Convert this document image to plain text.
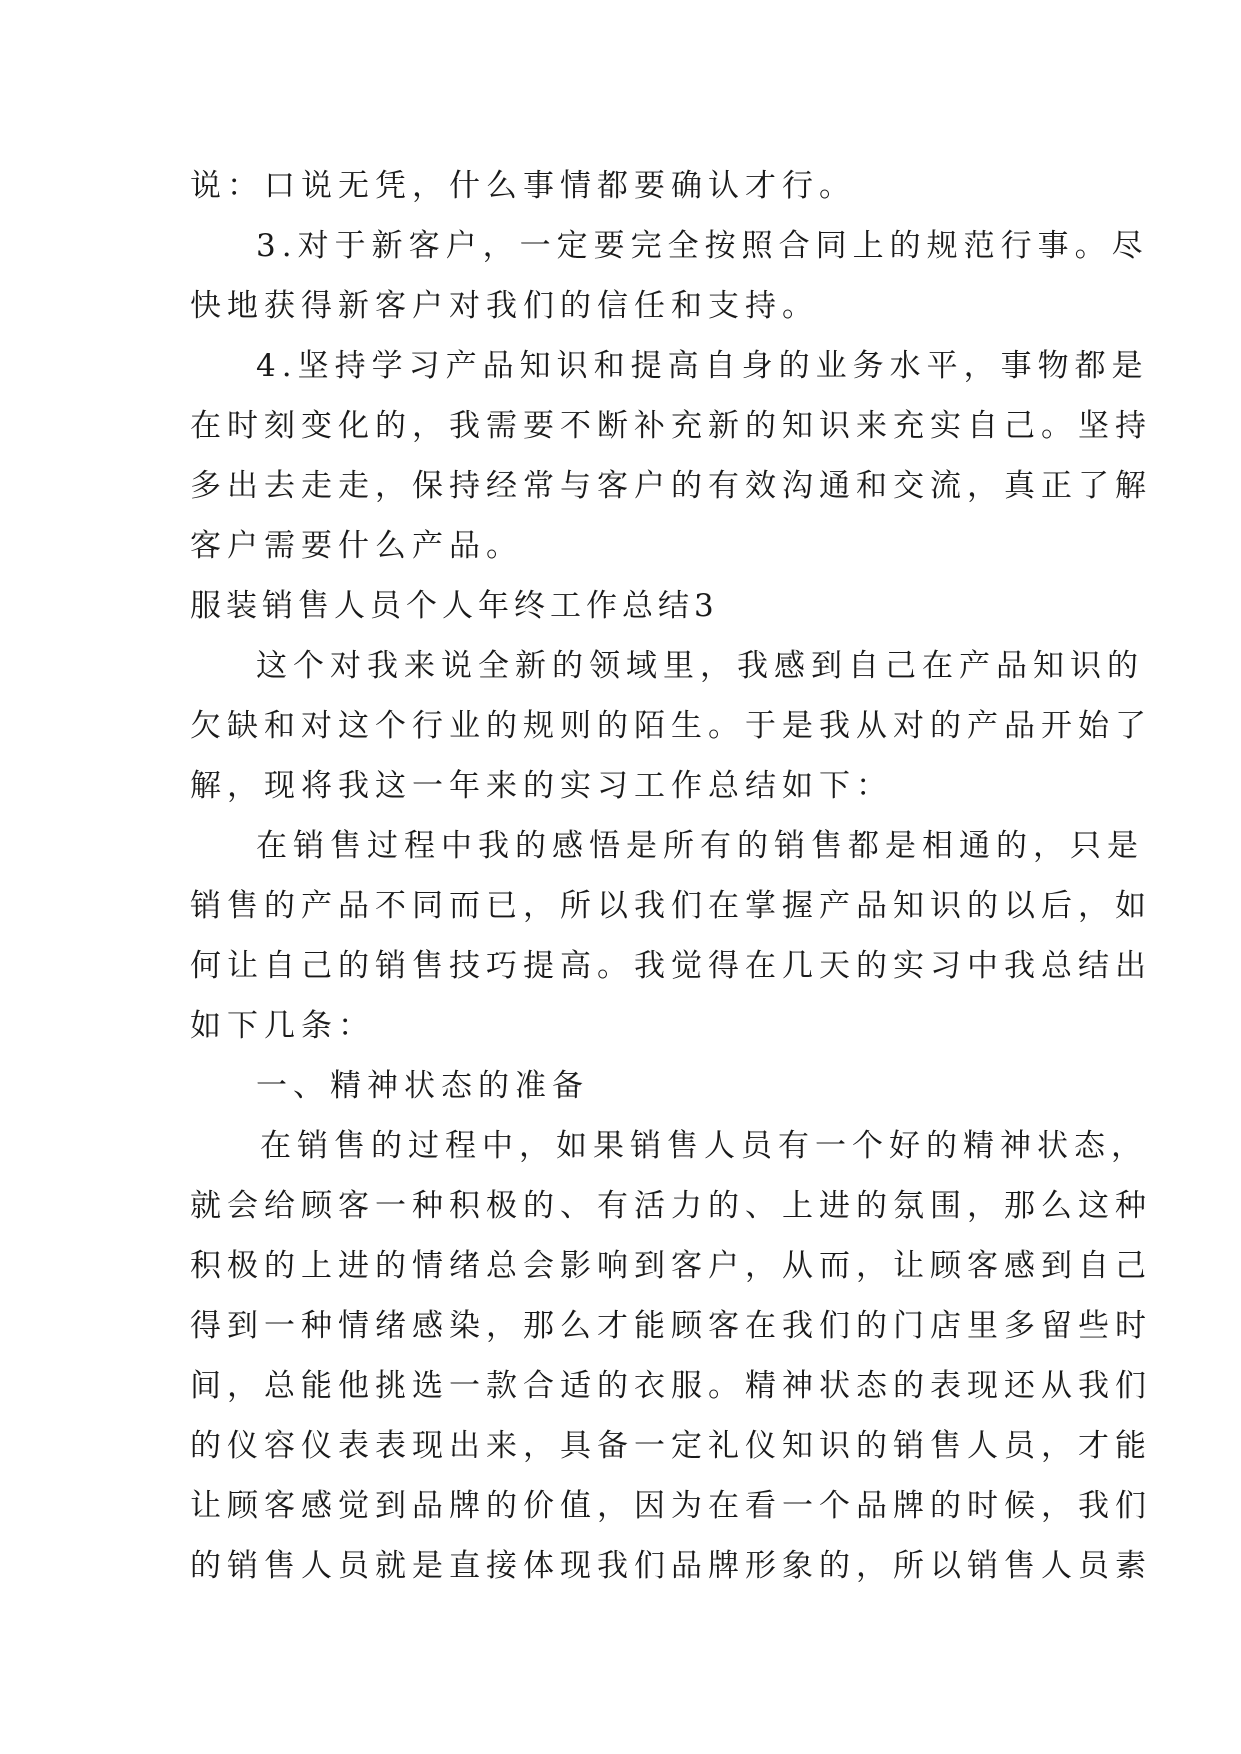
说：口说无凭，什么事情都要确认才行。
3.对于新客户，一定要完全按照合同上的规范行事。尽
快地获得新客户对我们的信任和支持。
4.坚持学习产品知识和提高自身的业务水平，事物都是
在时刻变化的，我需要不断补充新的知识来充实自己。坚持
多出去走走，保持经常与客户的有效沟通和交流，真正了解
客户需要什么产品。
服装销售人员个人年终工作总结3
这个对我来说全新的领域里，我感到自己在产品知识的
欠缺和对这个行业的规则的陌生。于是我从对的产品开始了
解，现将我这一年来的实习工作总结如下：
在销售过程中我的感悟是所有的销售都是相通的，只是
销售的产品不同而已，所以我们在掌握产品知识的以后，如
何让自己的销售技巧提高。我觉得在几天的实习中我总结出
如下几条：
一、精神状态的准备
在销售的过程中，如果销售人员有一个好的精神状态，
就会给顾客一种积极的、有活力的、上进的氛围，那么这种
积极的上进的情绪总会影响到客户，从而，让顾客感到自己
得到一种情绪感染，那么才能顾客在我们的门店里多留些时
间，总能他挑选一款合适的衣服。精神状态的表现还从我们
的仪容仪表表现出来，具备一定礼仪知识的销售人员，才能
让顾客感觉到品牌的价值，因为在看一个品牌的时候，我们
的销售人员就是直接体现我们品牌形象的，所以销售人员素
